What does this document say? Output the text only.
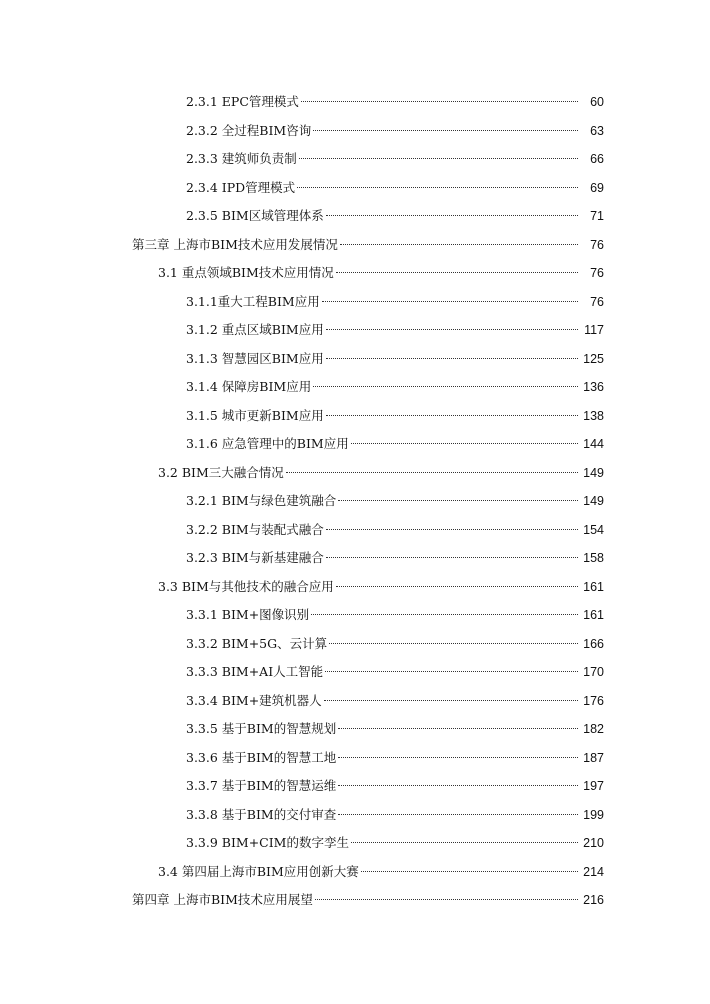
2.3.1 EPC管理模式	60
2.3.2 全过程BIM咨询	63
2.3.3 建筑师负责制	66
2.3.4 IPD管理模式	69
2.3.5 BIM区域管理体系	71
第三章 上海市BIM技术应用发展情况	76
3.1 重点领域BIM技术应用情况	76
3.1.1重大工程BIM应用	76
3.1.2 重点区域BIM应用	117
3.1.3 智慧园区BIM应用	125
3.1.4 保障房BIM应用	136
3.1.5 城市更新BIM应用	138
3.1.6 应急管理中的BIM应用	144
3.2 BIM三大融合情况	149
3.2.1 BIM与绿色建筑融合	149
3.2.2 BIM与装配式融合	154
3.2.3 BIM与新基建融合	158
3.3 BIM与其他技术的融合应用	161
3.3.1 BIM+图像识别	161
3.3.2 BIM+5G、云计算	166
3.3.3 BIM+AI人工智能	170
3.3.4 BIM+建筑机器人	176
3.3.5 基于BIM的智慧规划	182
3.3.6 基于BIM的智慧工地	187
3.3.7 基于BIM的智慧运维	197
3.3.8 基于BIM的交付审查	199
3.3.9 BIM+CIM的数字孪生	210
3.4 第四届上海市BIM应用创新大赛	214
第四章 上海市BIM技术应用展望	216
